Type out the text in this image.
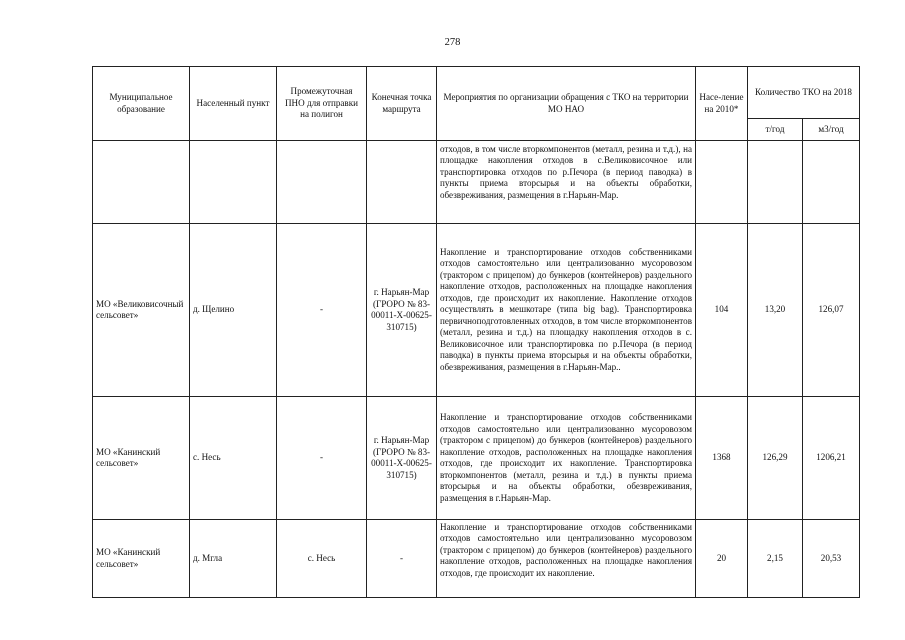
278
Муниципальное образование	Населенный пункт	Промежуточная ПНО для отправки на полигон	Конечная точка маршрута	Мероприятия по организации обращения с ТКО на территории МО НАО	Насе-ление на 2010*	Количество ТКО на 2018	
						т/год	м3/год

				отходов, в том числе вторкомпонентов (металл, резина и т.д.), на площадке накопления отходов в с.Великовисочное или транспортировка отходов по р.Печора (в период паводка) в пункты приема вторсырья и на объекты обработки, обезвреживания, размещения в г.Нарьян-Мар.			

МО «Великовисочный сельсовет»	д. Щелино	-	г. Нарьян-Мар (ГРОРО № 83-00011-Х-00625-310715)	Накопление и транспортирование отходов собственниками отходов самостоятельно или централизованно мусоровозом (трактором с прицепом) до бункеров (контейнеров) раздельного накопление отходов, расположенных на площадке накопления отходов, где происходит их накопление. Накопление отходов осуществлять в мешкотаре (типа big bag). Транспортировка первичноподготовленных отходов, в том числе вторкомпонентов (металл, резина и т.д.) на площадку накопления отходов в с. Великовисочное или транспортировка по р.Печора (в период паводка) в пункты приема вторсырья и на объекты обработки, обезвреживания, размещения в г.Нарьян-Мар..	104	13,20	126,07
МО «Канинский сельсовет»	с. Несь	-	г. Нарьян-Мар (ГРОРО № 83-00011-Х-00625-310715)	Накопление и транспортирование отходов собственниками отходов самостоятельно или централизованно мусоровозом (трактором с прицепом) до бункеров (контейнеров) раздельного накопление отходов, расположенных на площадке накопления отходов, где происходит их накопление. Транспортировка вторкомпонентов (металл, резина и т.д.) в пункты приема вторсырья и на объекты обработки, обезвреживания, размещения в г.Нарьян-Мар.	1368	126,29	1206,21
МО «Канинский сельсовет»	д. Мгла	с. Несь	-	Накопление и транспортирование отходов собственниками отходов самостоятельно или централизованно мусоровозом (трактором с прицепом) до бункеров (контейнеров) раздельного накопление отходов, расположенных на площадке накопления отходов, где происходит их накопление.	20	2,15	20,53
